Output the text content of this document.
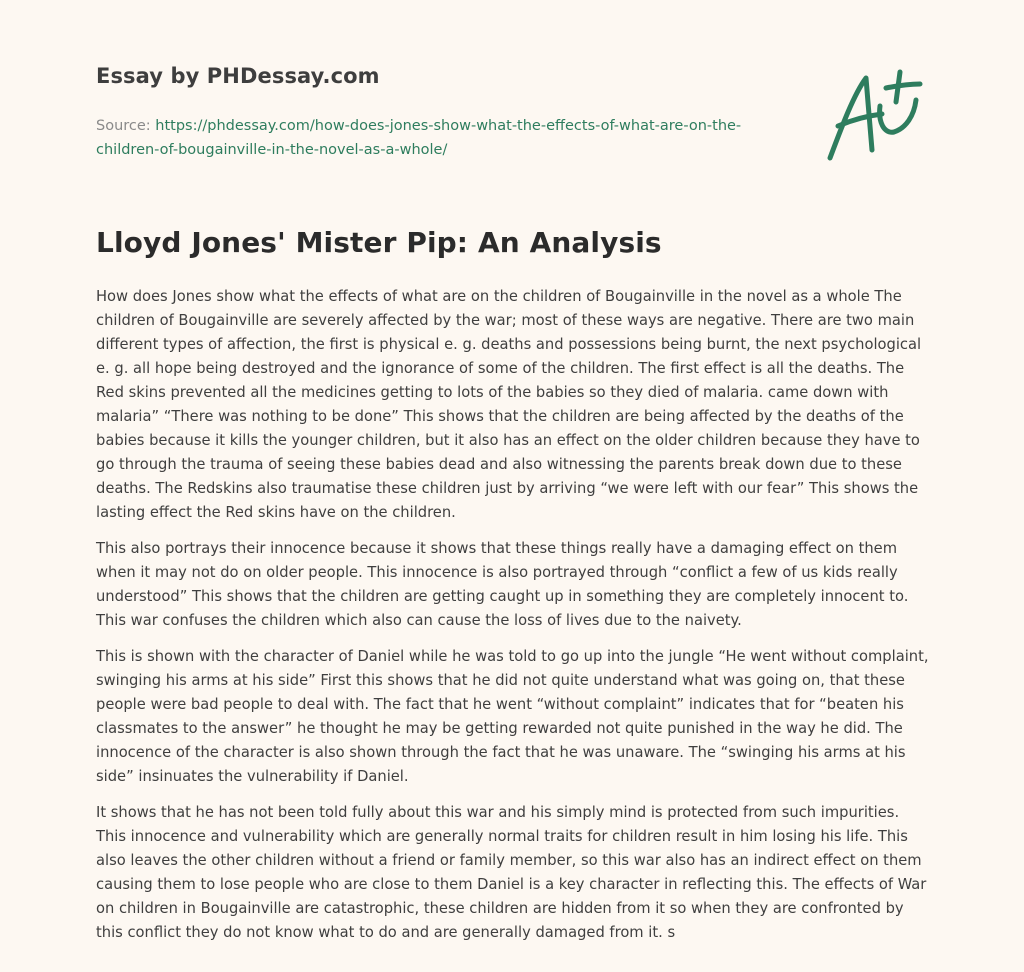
Essay by PHDessay.com
Source: https://phdessay.com/how-does-jones-show-what-the-effects-of-what-are-on-the-children-of-bougainville-in-the-novel-as-a-whole/
Lloyd Jones' Mister Pip: An Analysis

How does Jones show what the effects of what are on the children of Bougainville in the novel as a whole The children of Bougainville are severely affected by the war; most of these ways are negative. There are two main different types of affection, the first is physical e. g. deaths and possessions being burnt, the next psychological e. g. all hope being destroyed and the ignorance of some of the children. The first effect is all the deaths. The Red skins prevented all the medicines getting to lots of the babies so they died of malaria. came down with malaria” “There was nothing to be done” This shows that the children are being affected by the deaths of the babies because it kills the younger children, but it also has an effect on the older children because they have to go through the trauma of seeing these babies dead and also witnessing the parents break down due to these deaths. The Redskins also traumatise these children just by arriving “we were left with our fear” This shows the lasting effect the Red skins have on the children.

This also portrays their innocence because it shows that these things really have a damaging effect on them when it may not do on older people. This innocence is also portrayed through “conflict a few of us kids really understood” This shows that the children are getting caught up in something they are completely innocent to. This war confuses the children which also can cause the loss of lives due to the naivety.

This is shown with the character of Daniel while he was told to go up into the jungle “He went without complaint, swinging his arms at his side” First this shows that he did not quite understand what was going on, that these people were bad people to deal with. The fact that he went “without complaint” indicates that for “beaten his classmates to the answer” he thought he may be getting rewarded not quite punished in the way he did. The innocence of the character is also shown through the fact that he was unaware. The “swinging his arms at his side” insinuates the vulnerability if Daniel.

It shows that he has not been told fully about this war and his simply mind is protected from such impurities. This innocence and vulnerability which are generally normal traits for children result in him losing his life. This also leaves the other children without a friend or family member, so this war also has an indirect effect on them causing them to lose people who are close to them Daniel is a key character in reflecting this. The effects of War on children in Bougainville are catastrophic, these children are hidden from it so when they are confronted by this conflict they do not know what to do and are generally damaged from it. s
